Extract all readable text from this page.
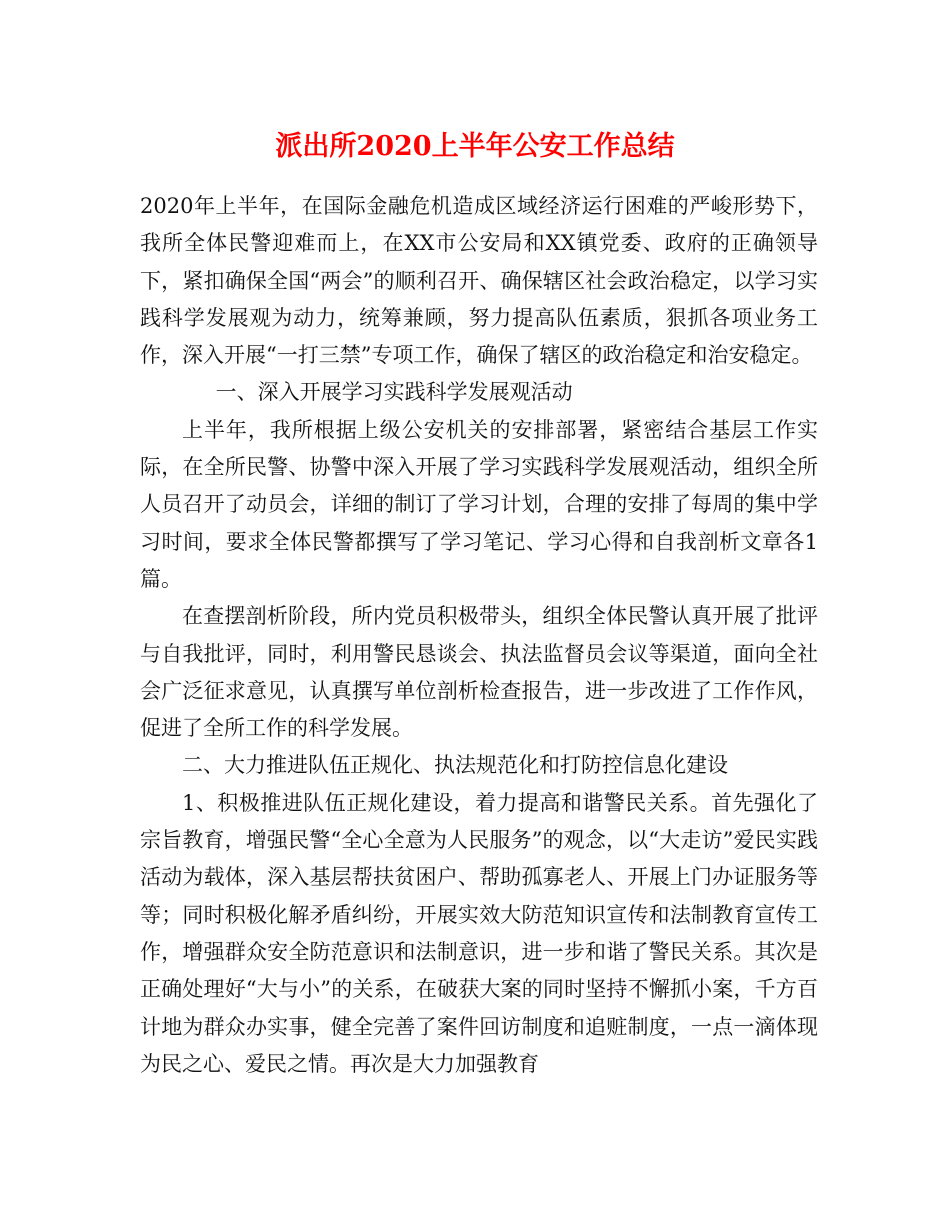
派出所2020上半年公安工作总结

2020年上半年，在国际金融危机造成区域经济运行困难的严峻形势下，我所全体民警迎难而上，在XX市公安局和XX镇党委、政府的正确领导下，紧扣确保全国“两会”的顺利召开、确保辖区社会政治稳定，以学习实践科学发展观为动力，统筹兼顾，努力提高队伍素质，狠抓各项业务工作，深入开展“一打三禁”专项工作，确保了辖区的政治稳定和治安稳定。

一、深入开展学习实践科学发展观活动

上半年，我所根据上级公安机关的安排部署，紧密结合基层工作实际，在全所民警、协警中深入开展了学习实践科学发展观活动，组织全所人员召开了动员会，详细的制订了学习计划，合理的安排了每周的集中学习时间，要求全体民警都撰写了学习笔记、学习心得和自我剖析文章各1篇。

在查摆剖析阶段，所内党员积极带头，组织全体民警认真开展了批评与自我批评，同时，利用警民恳谈会、执法监督员会议等渠道，面向全社会广泛征求意见，认真撰写单位剖析检查报告，进一步改进了工作作风，促进了全所工作的科学发展。

二、大力推进队伍正规化、执法规范化和打防控信息化建设

1、积极推进队伍正规化建设，着力提高和谐警民关系。首先强化了宗旨教育，增强民警“全心全意为人民服务”的观念，以“大走访”爱民实践活动为载体，深入基层帮扶贫困户、帮助孤寡老人、开展上门办证服务等等；同时积极化解矛盾纠纷，开展实效大防范知识宣传和法制教育宣传工作，增强群众安全防范意识和法制意识，进一步和谐了警民关系。其次是正确处理好“大与小”的关系，在破获大案的同时坚持不懈抓小案，千方百计地为群众办实事，健全完善了案件回访制度和追赃制度，一点一滴体现为民之心、爱民之情。再次是大力加强教育
